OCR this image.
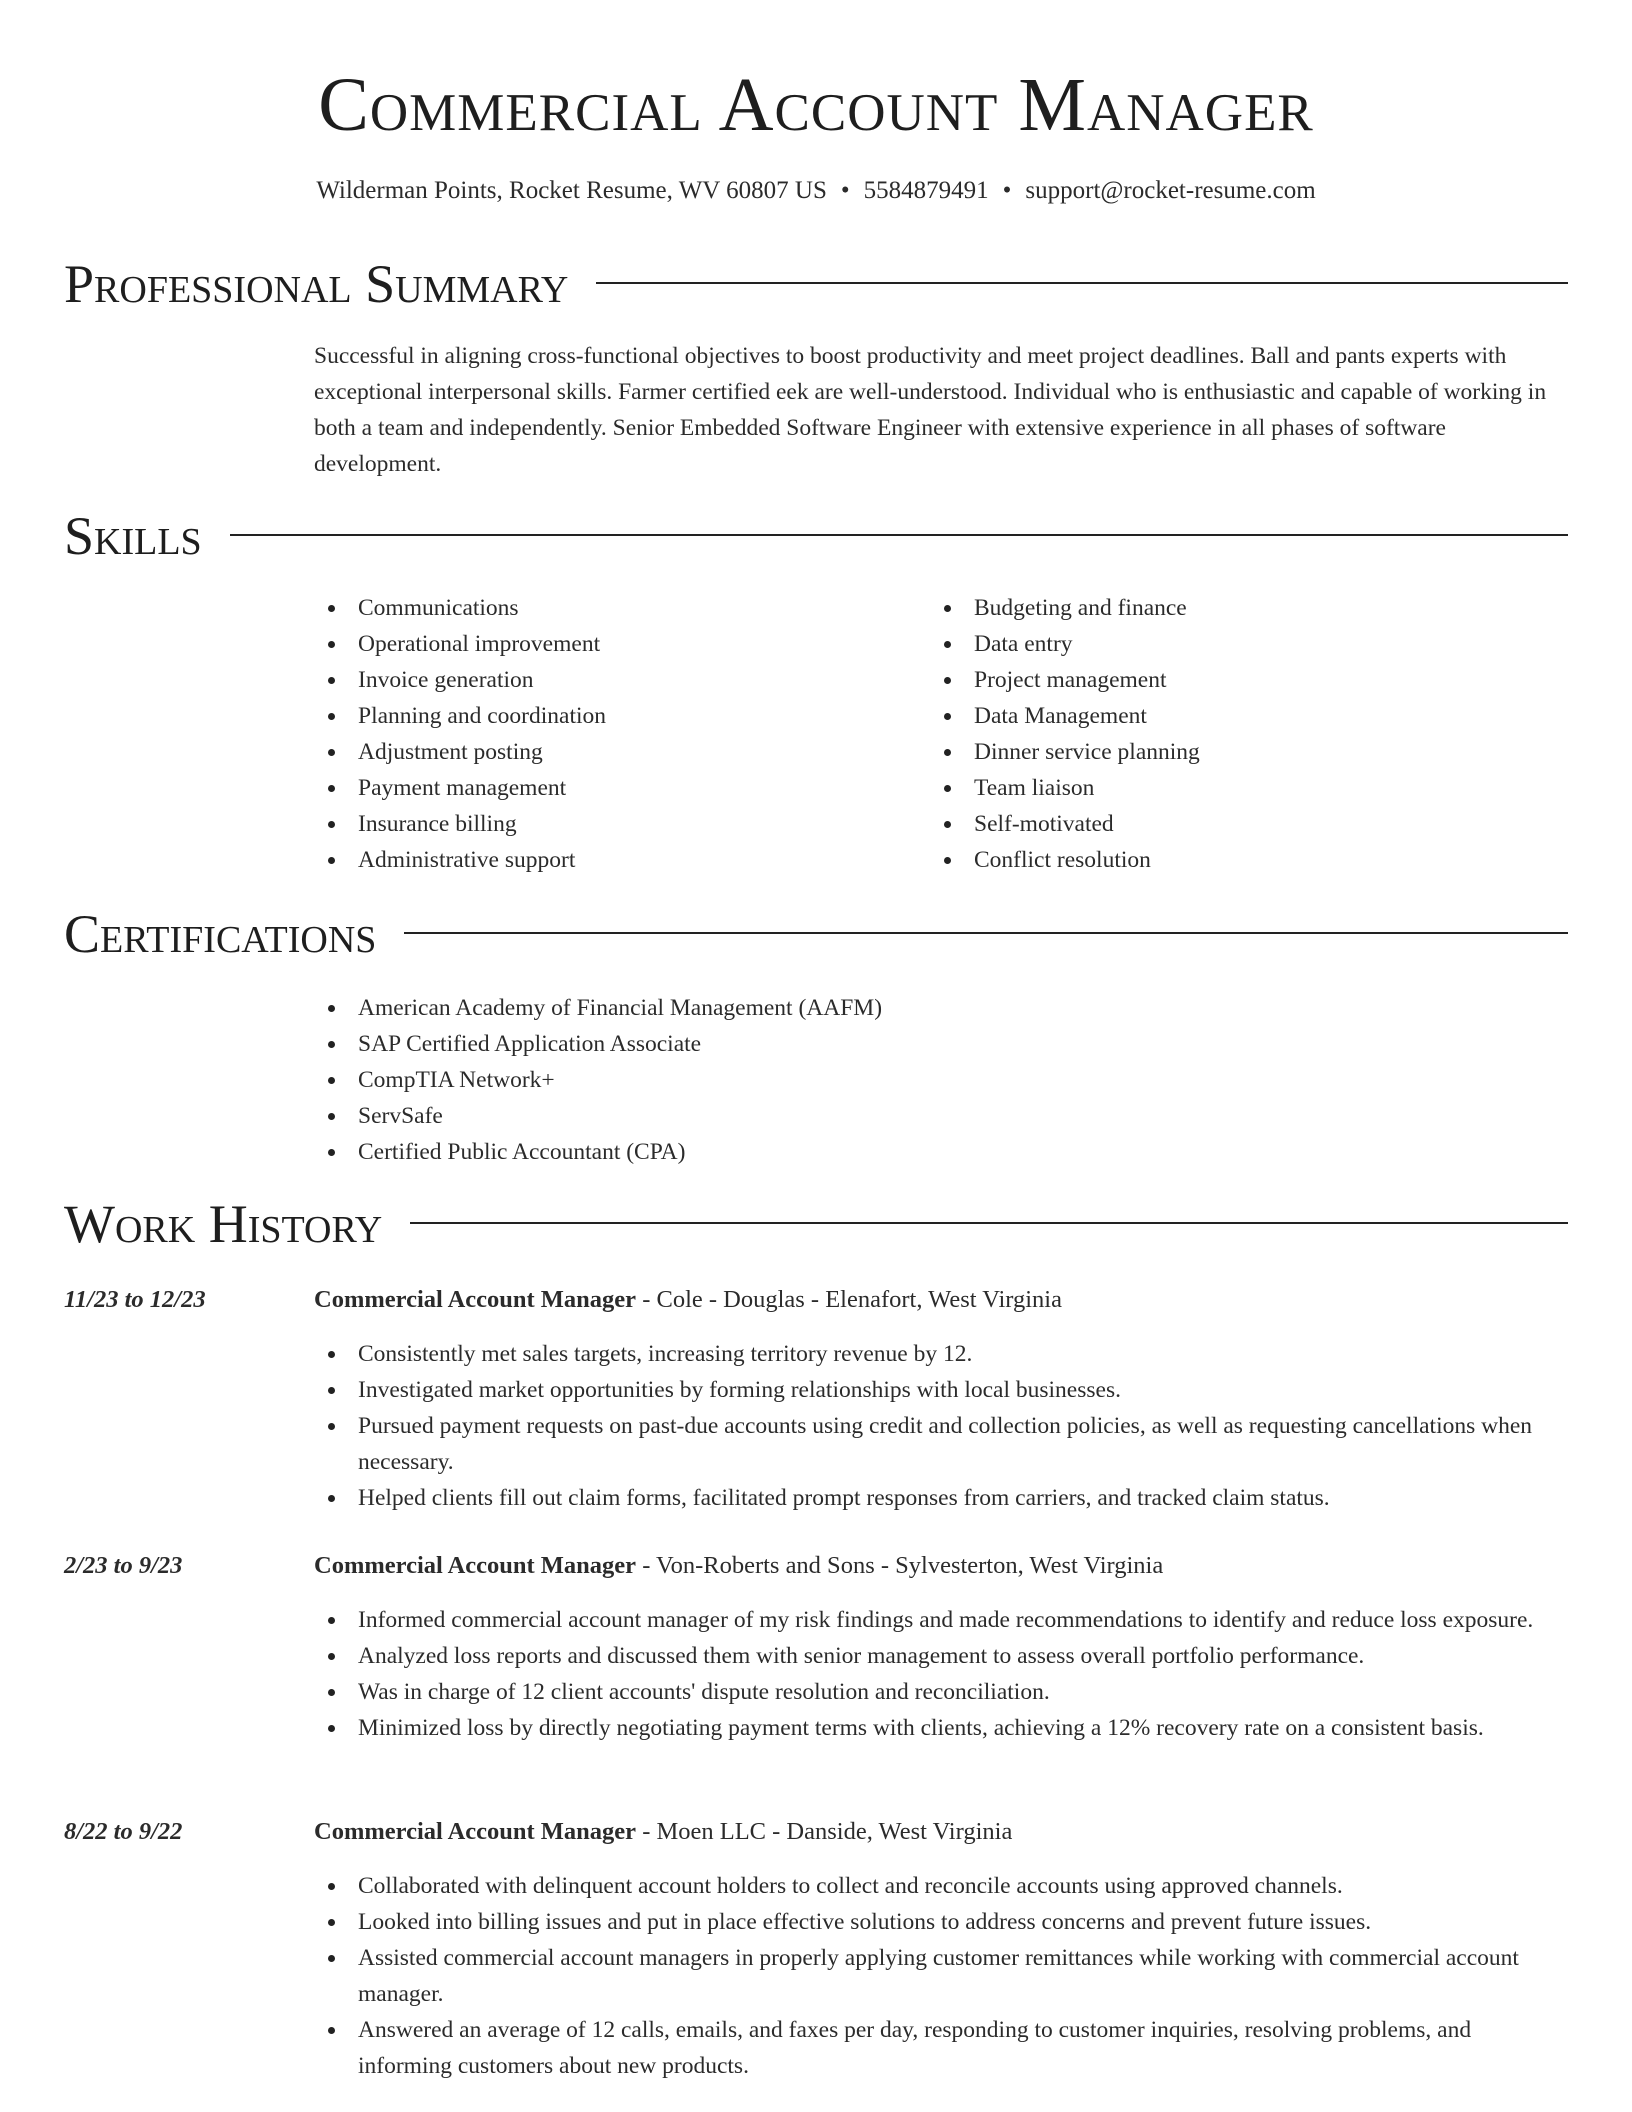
Commercial Account Manager
Wilderman Points, Rocket Resume, WV 60807 US • 5584879491 • support@rocket-resume.com
Professional Summary
Successful in aligning cross-functional objectives to boost productivity and meet project deadlines. Ball and pants experts with exceptional interpersonal skills. Farmer certified eek are well-understood. Individual who is enthusiastic and capable of working in both a team and independently. Senior Embedded Software Engineer with extensive experience in all phases of software development.
Skills
Communications
Operational improvement
Invoice generation
Planning and coordination
Adjustment posting
Payment management
Insurance billing
Administrative support
Budgeting and finance
Data entry
Project management
Data Management
Dinner service planning
Team liaison
Self-motivated
Conflict resolution
Certifications
American Academy of Financial Management (AAFM)
SAP Certified Application Associate
CompTIA Network+
ServSafe
Certified Public Accountant (CPA)
Work History
11/23 to 12/23	Commercial Account Manager - Cole - Douglas - Elenafort, West Virginia
Consistently met sales targets, increasing territory revenue by 12.
Investigated market opportunities by forming relationships with local businesses.
Pursued payment requests on past-due accounts using credit and collection policies, as well as requesting cancellations when necessary.
Helped clients fill out claim forms, facilitated prompt responses from carriers, and tracked claim status.
2/23 to 9/23	Commercial Account Manager - Von-Roberts and Sons - Sylvesterton, West Virginia
Informed commercial account manager of my risk findings and made recommendations to identify and reduce loss exposure.
Analyzed loss reports and discussed them with senior management to assess overall portfolio performance.
Was in charge of 12 client accounts' dispute resolution and reconciliation.
Minimized loss by directly negotiating payment terms with clients, achieving a 12% recovery rate on a consistent basis.
8/22 to 9/22	Commercial Account Manager - Moen LLC - Danside, West Virginia
Collaborated with delinquent account holders to collect and reconcile accounts using approved channels.
Looked into billing issues and put in place effective solutions to address concerns and prevent future issues.
Assisted commercial account managers in properly applying customer remittances while working with commercial account manager.
Answered an average of 12 calls, emails, and faxes per day, responding to customer inquiries, resolving problems, and informing customers about new products.
